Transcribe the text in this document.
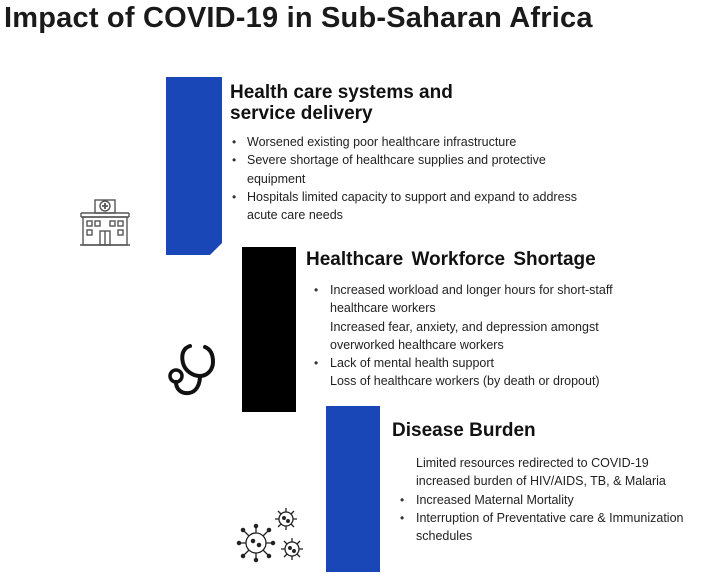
Impact of COVID-19 in Sub-Saharan Africa
Health care systems and service delivery
• Worsened existing poor healthcare infrastructure
• Severe shortage of healthcare supplies and protective equipment
• Hospitals limited capacity to support and expand to address acute care needs
Healthcare Workforce Shortage
• Increased workload and longer hours for short-staff healthcare workers
Increased fear, anxiety, and depression amongst overworked healthcare workers
• Lack of mental health support
Loss of healthcare workers (by death or dropout)
Disease Burden
Limited resources redirected to COVID-19 increased burden of HIV/AIDS, TB, & Malaria
• Increased Maternal Mortality
• Interruption of Preventative care & Immunization schedules
